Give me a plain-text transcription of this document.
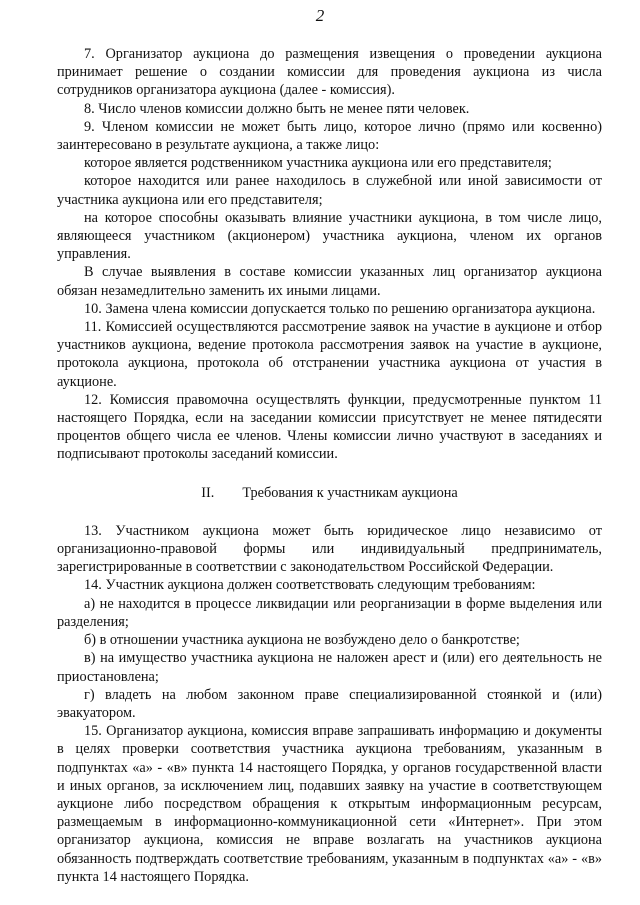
2

7. Организатор аукциона до размещения извещения о проведении аукциона принимает решение о создании комиссии для проведения аукциона из числа сотрудников организатора аукциона (далее - комиссия).

8. Число членов комиссии должно быть не менее пяти человек.

9. Членом комиссии не может быть лицо, которое лично (прямо или косвенно) заинтересовано в результате аукциона, а также лицо:

которое является родственником участника аукциона или его представителя;

которое находится или ранее находилось в служебной или иной зависимости от участника аукциона или его представителя;

на которое способны оказывать влияние участники аукциона, в том числе лицо, являющееся участником (акционером) участника аукциона, членом их органов управления.

В случае выявления в составе комиссии указанных лиц организатор аукциона обязан незамедлительно заменить их иными лицами.

10. Замена члена комиссии допускается только по решению организатора аукциона.

11. Комиссией осуществляются рассмотрение заявок на участие в аукционе и отбор участников аукциона, ведение протокола рассмотрения заявок на участие в аукционе, протокола аукциона, протокола об отстранении участника аукциона от участия в аукционе.

12. Комиссия правомочна осуществлять функции, предусмотренные пунктом 11 настоящего Порядка, если на заседании комиссии присутствует не менее пятидесяти процентов общего числа ее членов. Члены комиссии лично участвуют в заседаниях и подписывают протоколы заседаний комиссии.

II. Требования к участникам аукциона

13. Участником аукциона может быть юридическое лицо независимо от организационно-правовой формы или индивидуальный предприниматель, зарегистрированные в соответствии с законодательством Российской Федерации.

14. Участник аукциона должен соответствовать следующим требованиям:

а) не находится в процессе ликвидации или реорганизации в форме выделения или разделения;

б) в отношении участника аукциона не возбуждено дело о банкротстве;

в) на имущество участника аукциона не наложен арест и (или) его деятельность не приостановлена;

г) владеть на любом законном праве специализированной стоянкой и (или) эвакуатором.

15. Организатор аукциона, комиссия вправе запрашивать информацию и документы в целях проверки соответствия участника аукциона требованиям, указанным в подпунктах «а» - «в» пункта 14 настоящего Порядка, у органов государственной власти и иных органов, за исключением лиц, подавших заявку на участие в соответствующем аукционе либо посредством обращения к открытым информационным ресурсам, размещаемым в информационно-коммуникационной сети «Интернет». При этом организатор аукциона, комиссия не вправе возлагать на участников аукциона обязанность подтверждать соответствие требованиям, указанным в подпунктах «а» - «в» пункта 14 настоящего Порядка.
